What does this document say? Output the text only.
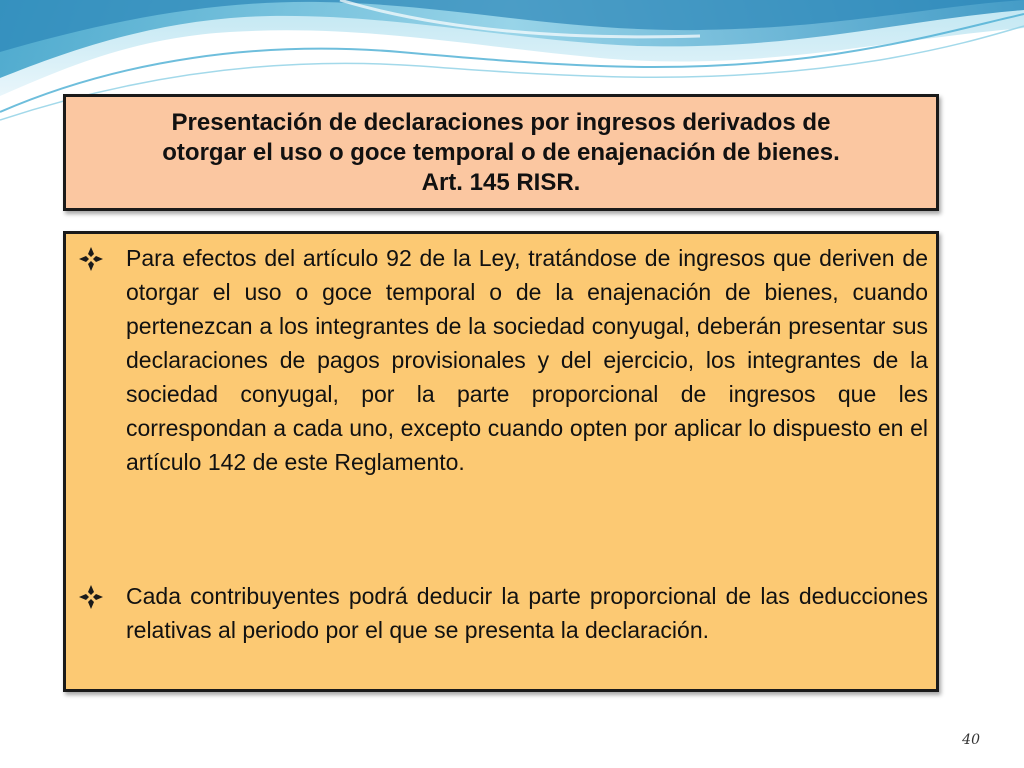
Presentación de declaraciones por ingresos derivados de
otorgar el uso o goce temporal o de enajenación de bienes.
Art. 145 RISR.
Para efectos del artículo 92 de la Ley, tratándose de ingresos que deriven de otorgar el uso o goce temporal o de la enajenación de bienes, cuando pertenezcan a los integrantes de la sociedad conyugal, deberán presentar sus declaraciones de pagos provisionales y del ejercicio, los integrantes de la sociedad conyugal, por la parte proporcional de ingresos que les correspondan a cada uno, excepto cuando opten por aplicar lo dispuesto en el artículo 142 de este Reglamento.
Cada contribuyentes podrá deducir la parte proporcional de las deducciones relativas al periodo por el que se presenta la declaración.
40
